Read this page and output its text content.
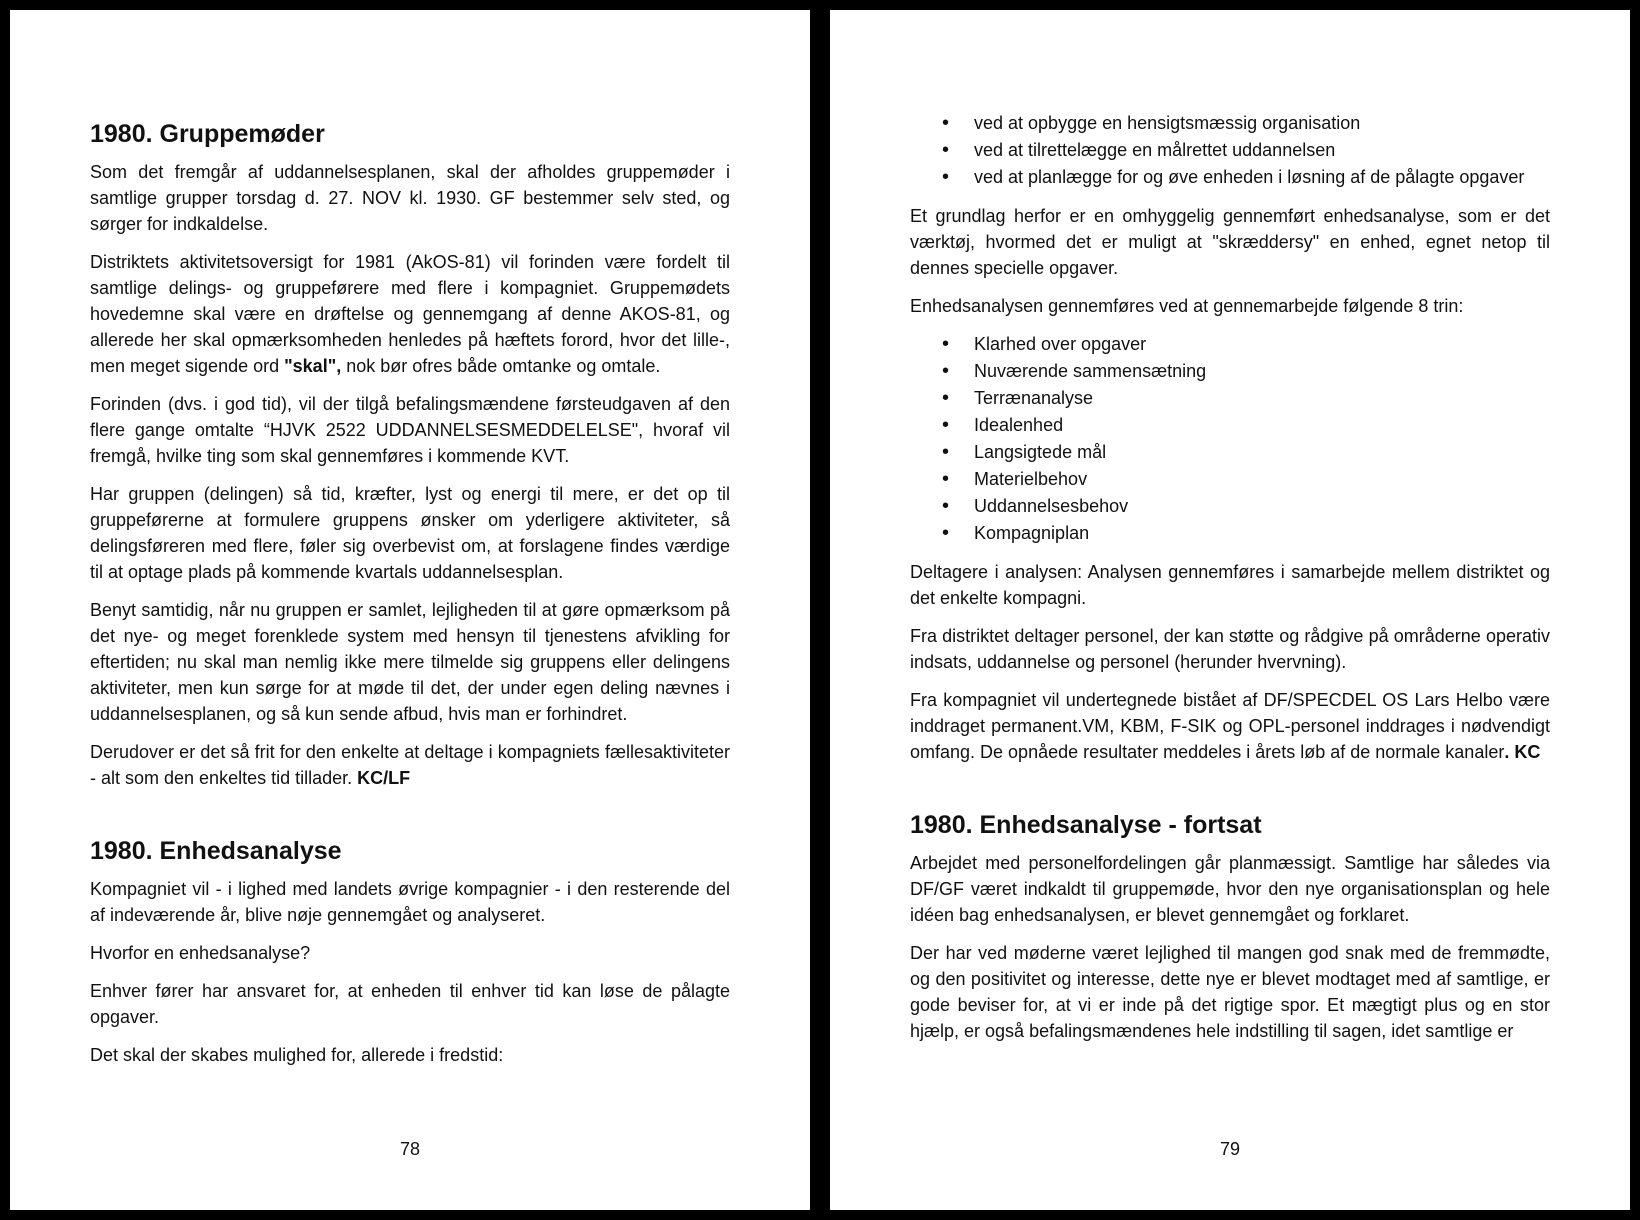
1980. Gruppemøder

Som det fremgår af uddannelsesplanen, skal der afholdes gruppemøder i samtlige grupper torsdag d. 27. NOV kl. 1930. GF bestemmer selv sted, og sørger for indkaldelse.

Distriktets aktivitetsoversigt for 1981 (AkOS-81) vil forinden være fordelt til samtlige delings- og gruppeførere med flere i kompagniet. Gruppemødets hovedemne skal være en drøftelse og gennemgang af denne AKOS-81, og allerede her skal opmærksomheden henledes på hæftets forord, hvor det lille-, men meget sigende ord "skal", nok bør ofres både omtanke og omtale.

Forinden (dvs. i god tid), vil der tilgå befalingsmændene førsteudgaven af den flere gange omtalte “HJVK 2522 UDDANNELSESMEDDELELSE", hvoraf vil fremgå, hvilke ting som skal gennemføres i kommende KVT.

Har gruppen (delingen) så tid, kræfter, lyst og energi til mere, er det op til gruppeførerne at formulere gruppens ønsker om yderligere aktiviteter, så delingsføreren med flere, føler sig overbevist om, at forslagene findes værdige til at optage plads på kommende kvartals uddannelsesplan.

Benyt samtidig, når nu gruppen er samlet, lejligheden til at gøre opmærksom på det nye- og meget forenklede system med hensyn til tjenestens afvikling for eftertiden; nu skal man nemlig ikke mere tilmelde sig gruppens eller delingens aktiviteter, men kun sørge for at møde til det, der under egen deling nævnes i uddannelsesplanen, og så kun sende afbud, hvis man er forhindret.

Derudover er det så frit for den enkelte at deltage i kompagniets fællesaktiviteter - alt som den enkeltes tid tillader. KC/LF

1980. Enhedsanalyse

Kompagniet vil - i lighed med landets øvrige kompagnier - i den resterende del af indeværende år, blive nøje gennemgået og analyseret.

Hvorfor en enhedsanalyse?

Enhver fører har ansvaret for, at enheden til enhver tid kan løse de pålagte opgaver.

Det skal der skabes mulighed for, allerede i fredstid:

78
• ved at opbygge en hensigtsmæssig organisation
• ved at tilrettelægge en målrettet uddannelsen
• ved at planlægge for og øve enheden i løsning af de pålagte opgaver

Et grundlag herfor er en omhyggelig gennemført enhedsanalyse, som er det værktøj, hvormed det er muligt at "skræddersy" en enhed, egnet netop til dennes specielle opgaver.

Enhedsanalysen gennemføres ved at gennemarbejde følgende 8 trin:

• Klarhed over opgaver
• Nuværende sammensætning
• Terrænanalyse
• Idealenhed
• Langsigtede mål
• Materielbehov
• Uddannelsesbehov
• Kompagniplan

Deltagere i analysen: Analysen gennemføres i samarbejde mellem distriktet og det enkelte kompagni.

Fra distriktet deltager personel, der kan støtte og rådgive på områderne operativ indsats, uddannelse og personel (herunder hvervning).

Fra kompagniet vil undertegnede bistået af DF/SPECDEL OS Lars Helbo være inddraget permanent.VM, KBM, F-SIK og OPL-personel inddrages i nødvendigt omfang. De opnåede resultater meddeles i årets løb af de normale kanaler. KC

1980. Enhedsanalyse - fortsat

Arbejdet med personelfordelingen går planmæssigt. Samtlige har således via DF/GF været indkaldt til gruppemøde, hvor den nye organisationsplan og hele idéen bag enhedsanalysen, er blevet gennemgået og forklaret.

Der har ved møderne været lejlighed til mangen god snak med de fremmødte, og den positivitet og interesse, dette nye er blevet modtaget med af samtlige, er gode beviser for, at vi er inde på det rigtige spor. Et mægtigt plus og en stor hjælp, er også befalingsmændenes hele indstilling til sagen, idet samtlige er

79
